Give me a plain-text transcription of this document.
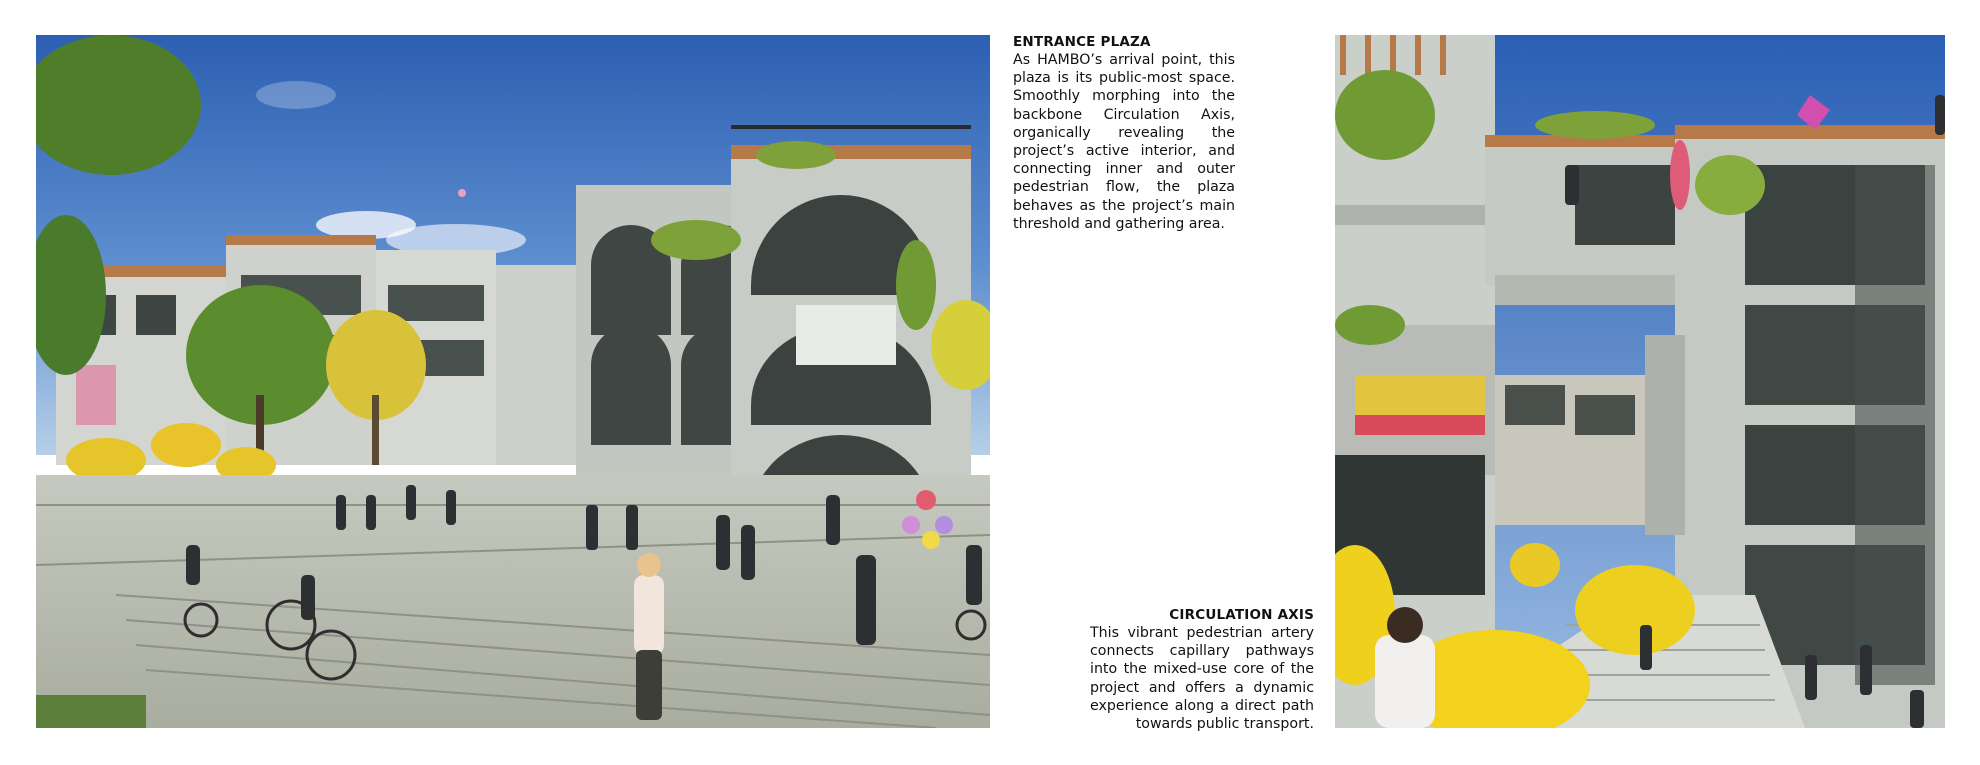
ENTRANCE PLAZA

As HAMBO’s arrival point, this plaza is its public-most space. Smoothly morphing into the backbone Circulation Axis, organically revealing the project’s active interior, and connecting inner and outer pedestrian flow, the plaza behaves as the project’s main threshold and gathering area.

CIRCULATION AXIS

This vibrant pedestrian artery connects capillary pathways into the mixed-use core of the project and offers a dynamic experience along a direct path towards public transport.
